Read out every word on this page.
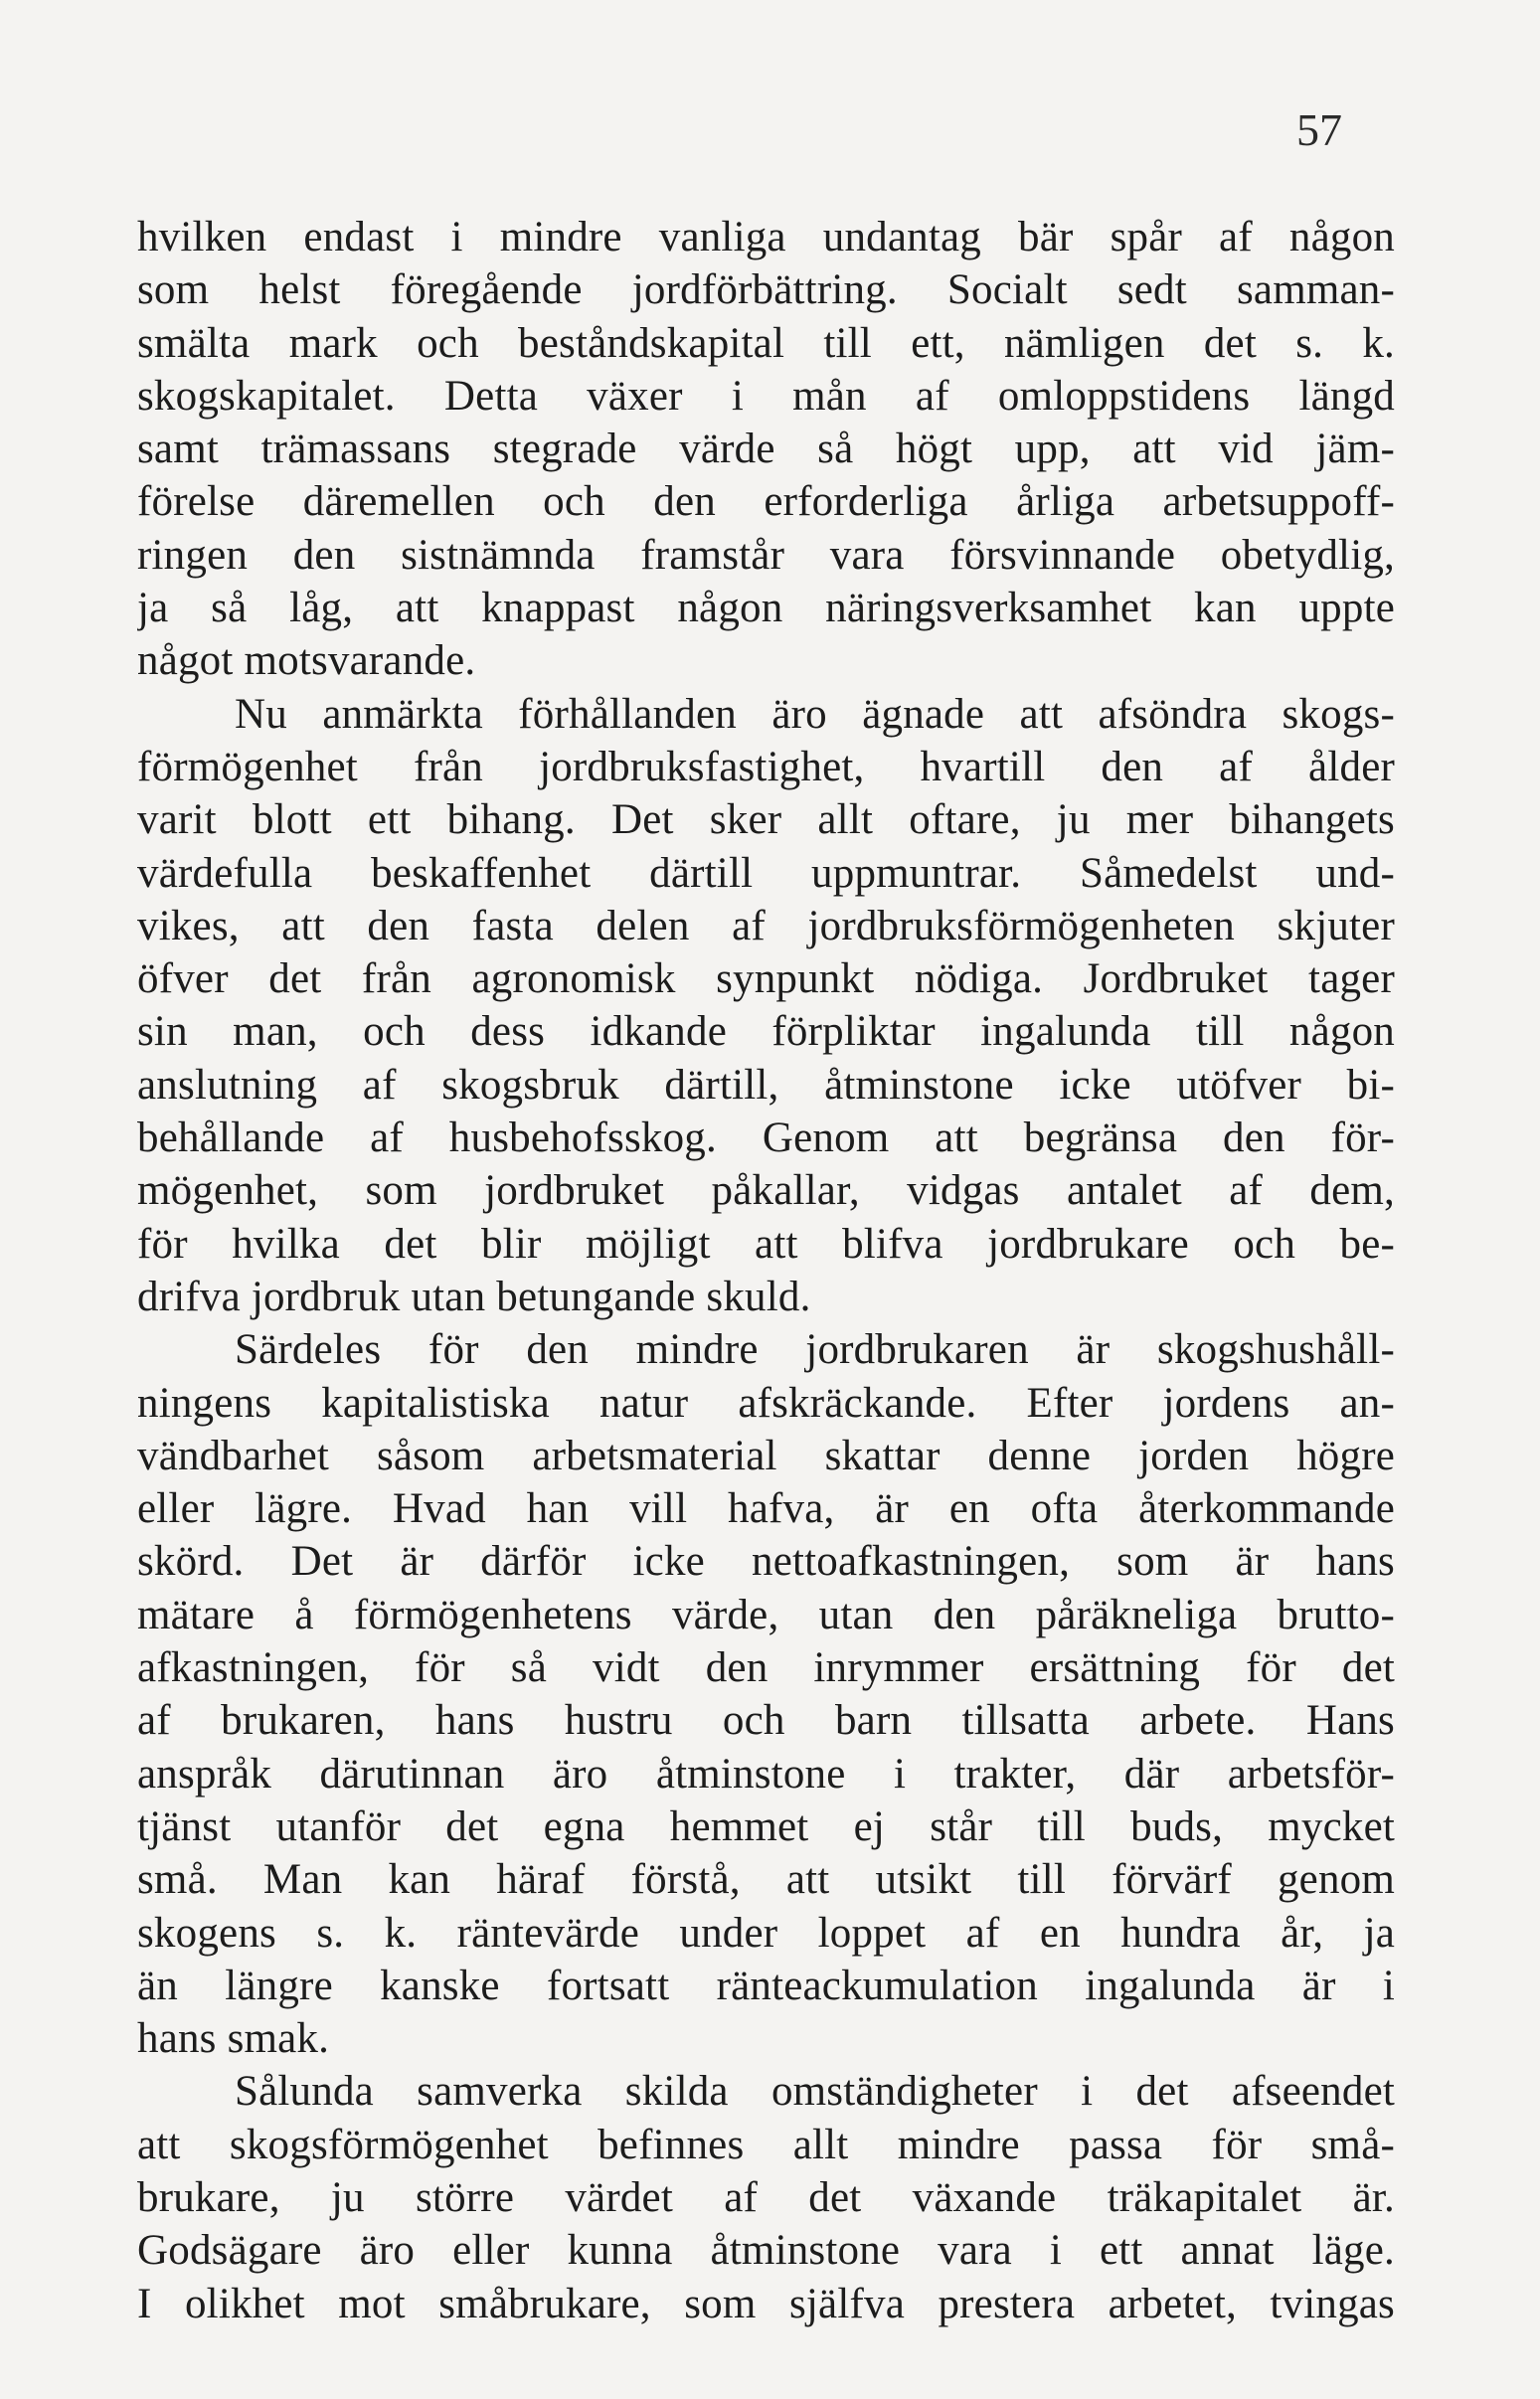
57
hvilken endast i mindre vanliga undantag bär spår af någon
som helst föregående jordförbättring. Socialt sedt samman-
smälta mark och beståndskapital till ett, nämligen det s. k.
skogskapitalet. Detta växer i mån af omloppstidens längd
samt trämassans stegrade värde så högt upp, att vid jäm-
förelse däremellen och den erforderliga årliga arbetsuppoff-
ringen den sistnämnda framstår vara försvinnande obetydlig,
ja så låg, att knappast någon näringsverksamhet kan uppte
något motsvarande.
Nu anmärkta förhållanden äro ägnade att afsöndra skogs-
förmögenhet från jordbruksfastighet, hvartill den af ålder
varit blott ett bihang. Det sker allt oftare, ju mer bihangets
värdefulla beskaffenhet därtill uppmuntrar. Såmedelst und-
vikes, att den fasta delen af jordbruksförmögenheten skjuter
öfver det från agronomisk synpunkt nödiga. Jordbruket tager
sin man, och dess idkande förpliktar ingalunda till någon
anslutning af skogsbruk därtill, åtminstone icke utöfver bi-
behållande af husbehofsskog. Genom att begränsa den för-
mögenhet, som jordbruket påkallar, vidgas antalet af dem,
för hvilka det blir möjligt att blifva jordbrukare och be-
drifva jordbruk utan betungande skuld.
Särdeles för den mindre jordbrukaren är skogshushåll-
ningens kapitalistiska natur afskräckande. Efter jordens an-
vändbarhet såsom arbetsmaterial skattar denne jorden högre
eller lägre. Hvad han vill hafva, är en ofta återkommande
skörd. Det är därför icke nettoafkastningen, som är hans
mätare å förmögenhetens värde, utan den påräkneliga brutto-
afkastningen, för så vidt den inrymmer ersättning för det
af brukaren, hans hustru och barn tillsatta arbete. Hans
anspråk därutinnan äro åtminstone i trakter, där arbetsför-
tjänst utanför det egna hemmet ej står till buds, mycket
små. Man kan häraf förstå, att utsikt till förvärf genom
skogens s. k. räntevärde under loppet af en hundra år, ja
än längre kanske fortsatt ränteackumulation ingalunda är i
hans smak.
Sålunda samverka skilda omständigheter i det afseendet
att skogsförmögenhet befinnes allt mindre passa för små-
brukare, ju större värdet af det växande träkapitalet är.
Godsägare äro eller kunna åtminstone vara i ett annat läge.
I olikhet mot småbrukare, som själfva prestera arbetet, tvingas
